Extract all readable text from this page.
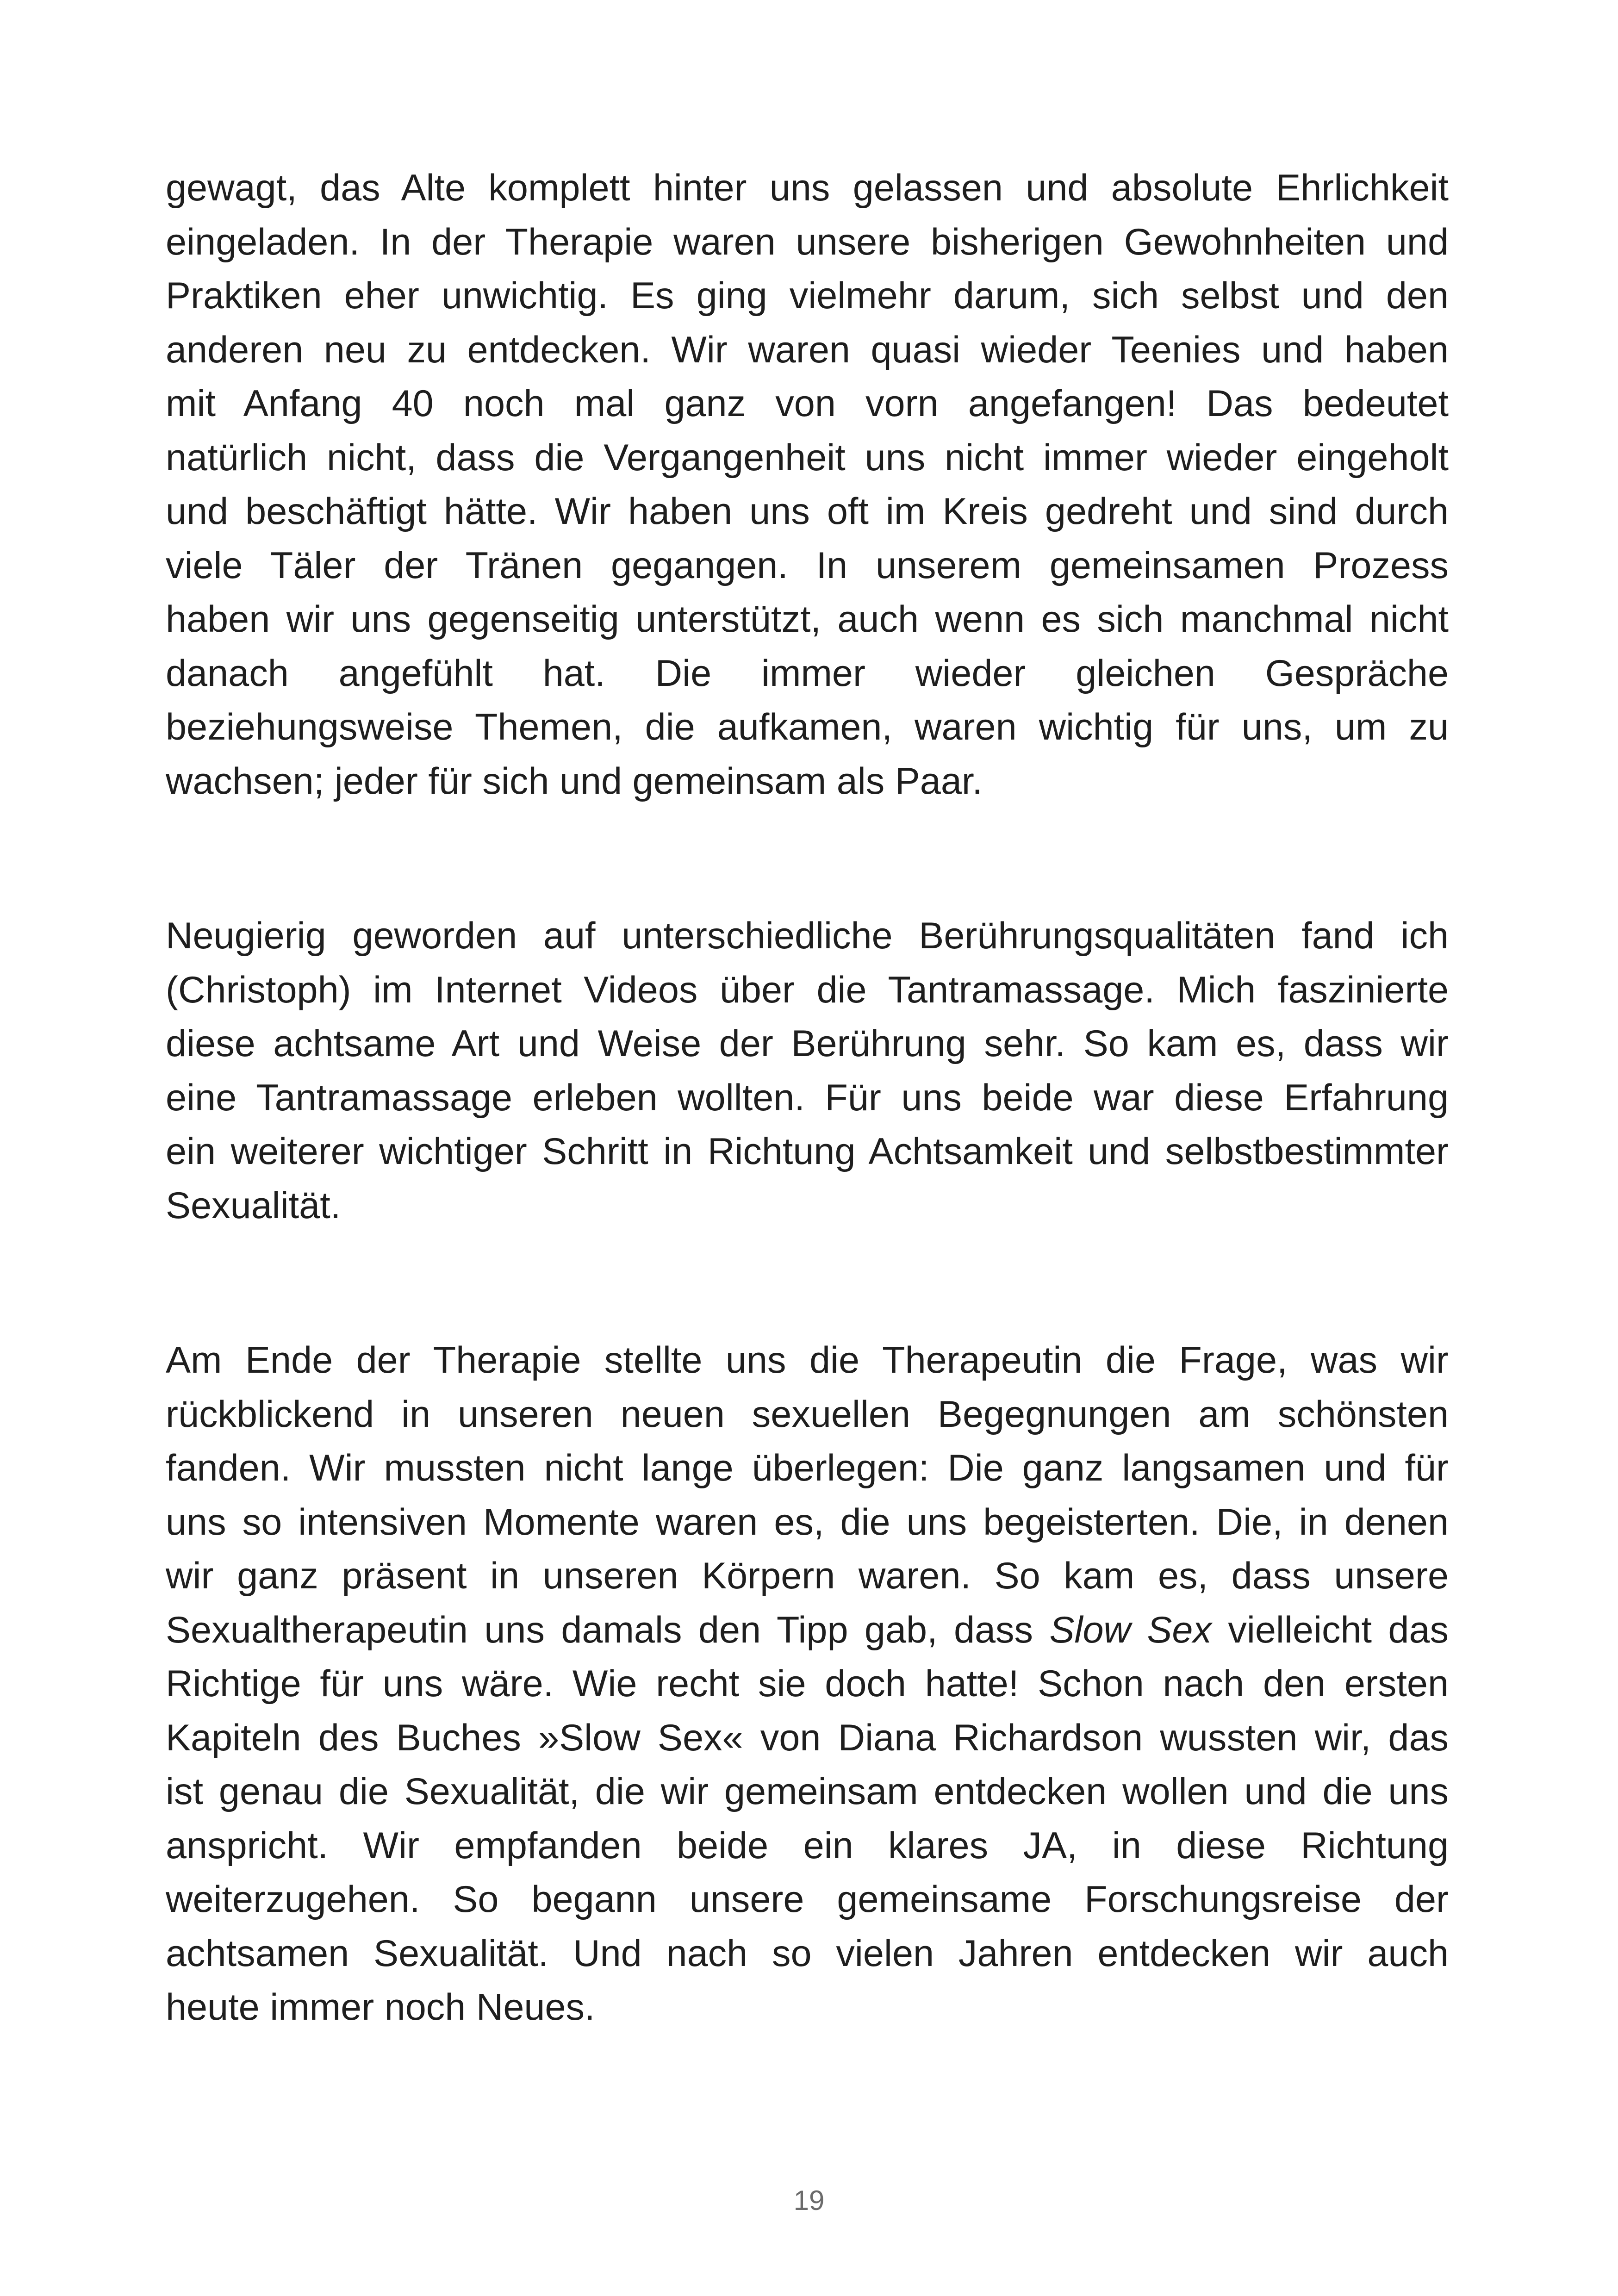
gewagt, das Alte komplett hinter uns gelassen und absolute Ehrlichkeit
eingeladen. In der Therapie waren unsere bisherigen Gewohnheiten und
Praktiken eher unwichtig. Es ging vielmehr darum, sich selbst und den
anderen neu zu entdecken. Wir waren quasi wieder Teenies und haben
mit Anfang 40 noch mal ganz von vorn angefangen! Das bedeutet
natürlich nicht, dass die Vergangenheit uns nicht immer wieder eingeholt
und beschäftigt hätte. Wir haben uns oft im Kreis gedreht und sind durch
viele Täler der Tränen gegangen. In unserem gemeinsamen Prozess
haben wir uns gegenseitig unterstützt, auch wenn es sich manchmal nicht
danach angefühlt hat. Die immer wieder gleichen Gespräche
beziehungsweise Themen, die aufkamen, waren wichtig für uns, um zu
wachsen; jeder für sich und gemeinsam als Paar.

Neugierig geworden auf unterschiedliche Berührungsqualitäten fand ich
(Christoph) im Internet Videos über die Tantramassage. Mich faszinierte
diese achtsame Art und Weise der Berührung sehr. So kam es, dass wir
eine Tantramassage erleben wollten. Für uns beide war diese Erfahrung
ein weiterer wichtiger Schritt in Richtung Achtsamkeit und selbstbestimmter
Sexualität.

Am Ende der Therapie stellte uns die Therapeutin die Frage, was wir
rückblickend in unseren neuen sexuellen Begegnungen am schönsten
fanden. Wir mussten nicht lange überlegen: Die ganz langsamen und für
uns so intensiven Momente waren es, die uns begeisterten. Die, in denen
wir ganz präsent in unseren Körpern waren. So kam es, dass unsere
Sexualtherapeutin uns damals den Tipp gab, dass Slow Sex vielleicht das
Richtige für uns wäre. Wie recht sie doch hatte! Schon nach den ersten
Kapiteln des Buches »Slow Sex« von Diana Richardson wussten wir, das
ist genau die Sexualität, die wir gemeinsam entdecken wollen und die uns
anspricht. Wir empfanden beide ein klares JA, in diese Richtung
weiterzugehen. So begann unsere gemeinsame Forschungsreise der
achtsamen Sexualität. Und nach so vielen Jahren entdecken wir auch
heute immer noch Neues.

19
